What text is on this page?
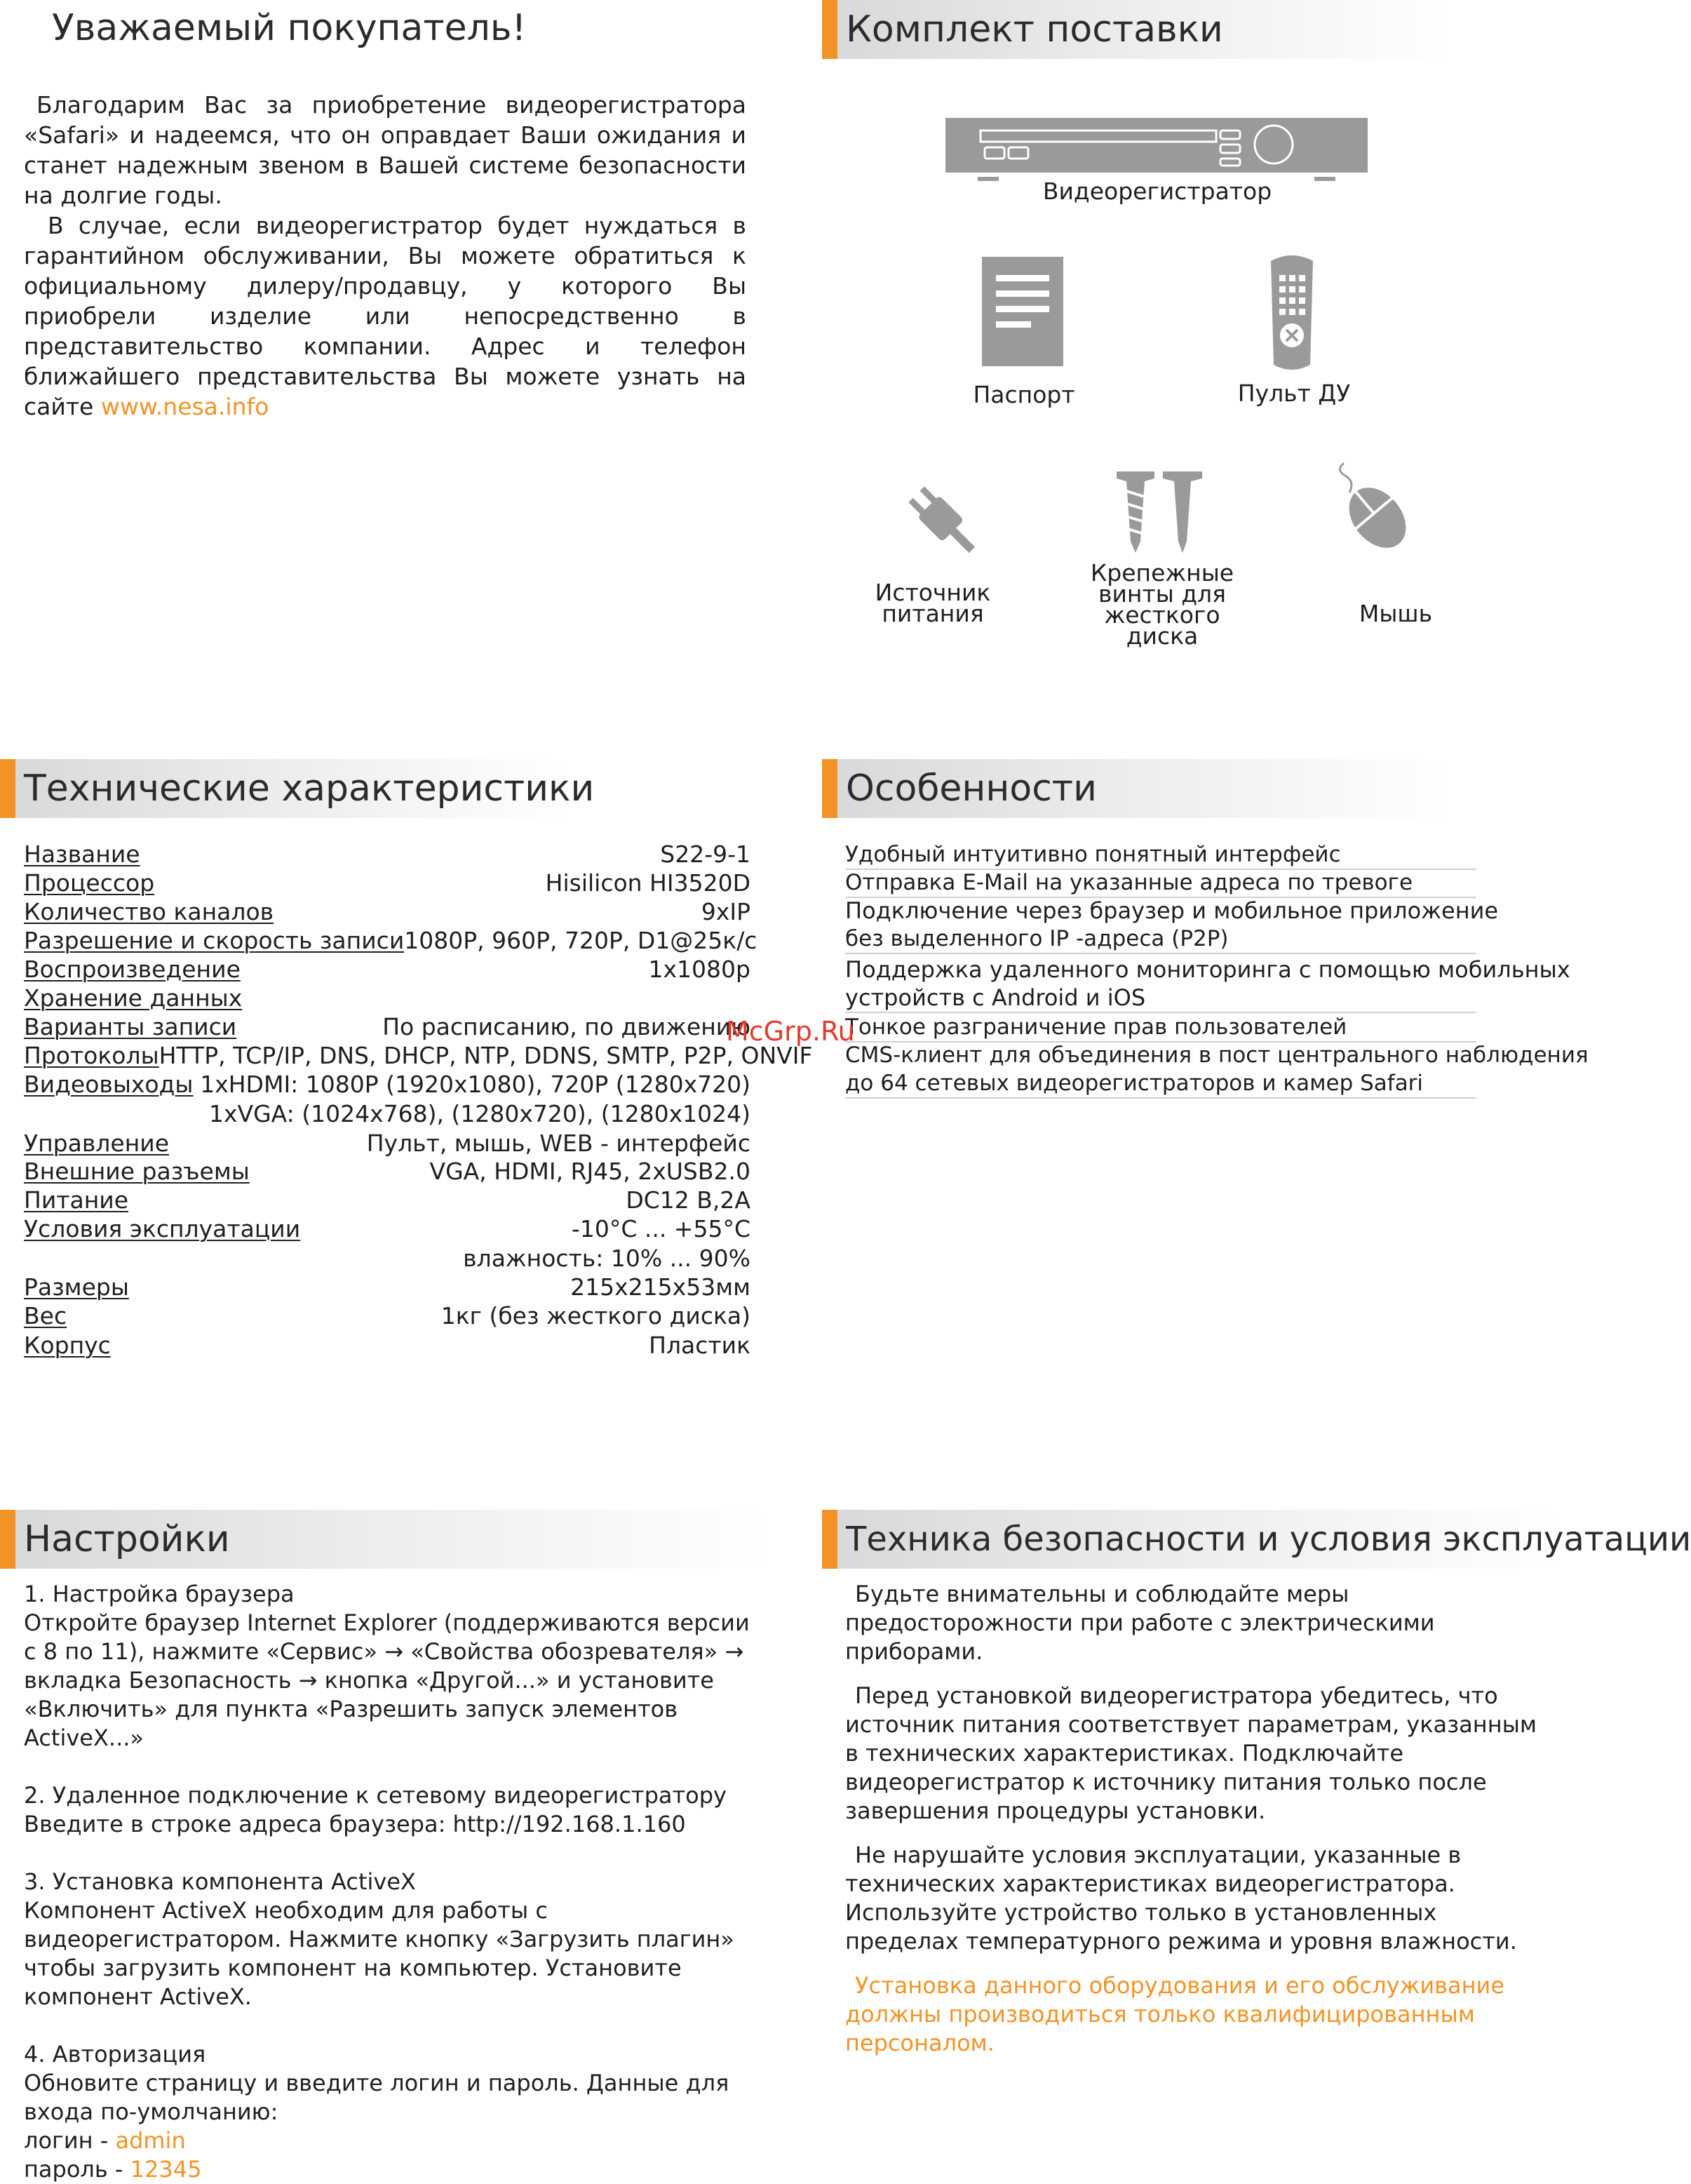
Уважаемый покупатель!
Благодарим Вас за приобретение видеорегистратора «Safari» и надеемся, что он оправдает Ваши ожидания и станет надежным звеном в Вашей системе безопасности на долгие годы.
В случае, если видеорегистратор будет нуждаться в гарантийном обслуживании, Вы можете обратиться к официальному дилеру/продавцу, у которого Вы приобрели изделие или непосредственно в представительство компании. Адрес и телефон ближайшего представительства Вы можете узнать на сайте www.nesa.info
Комплект поставки
Видеорегистратор
Паспорт	Пульт ДУ
Источник питания
Крепежные винты для жесткого диска
Мышь
Технические характеристики
Название	S22-9-1
Процессор	Hisilicon HI3520D
Количество каналов	9xIP
Разрешение и скорость записи 1080P, 960P, 720P, D1@25к/с
Воспроизведение	1x1080p
Хранение данных
Варианты записи	По расписанию, по движению
Протоколы HTTP, TCP/IP, DNS, DHCP, NTP, DDNS, SMTP, P2P, ONVIF
Видеовыходы 1xHDMI: 1080P (1920x1080), 720P (1280x720)
1xVGA: (1024x768), (1280x720), (1280x1024)
Управление	Пульт, мышь, WEB - интерфейс
Внешние разъемы	VGA, HDMI, RJ45, 2xUSB2.0
Питание	DC12 В,2А
Условия эксплуатации	-10°C ... +55°C
влажность: 10% ... 90%
Размеры	215x215x53мм
Вес	1кг (без жесткого диска)
Корпус	Пластик
Особенности
Удобный интуитивно понятный интерфейс
Отправка E-Mail на указанные адреса по тревоге
Подключение через браузер и мобильное приложение
без выделенного IP -адреса (P2P)
Поддержка удаленного мониторинга с помощью мобильных
устройств с Android и iOS
Тонкое разграничение прав пользователей
CMS-клиент для объединения в пост центрального наблюдения
до 64 сетевых видеорегистраторов и камер Safari
McGrp.Ru
Настройки

1. Настройка браузера

Откройте браузер Internet Explorer (поддерживаются версии с 8 по 11), нажмите «Сервис» → «Свойства обозревателя» → вкладка Безопасность → кнопка «Другой...» и установите «Включить» для пункта «Разрешить запуск элементов ActiveX...»

2. Удаленное подключение к сетевому видеорегистратору

Введите в строке адреса браузера: http://192.168.1.160

3. Установка компонента ActiveX

Компонент ActiveX необходим для работы с видеорегистратором. Нажмите кнопку «Загрузить плагин» чтобы загрузить компонент на компьютер. Установите компонент ActiveX.

4. Авторизация

Обновите страницу и введите логин и пароль. Данные для входа по-умолчанию:

логин - admin

пароль - 12345

Техника безопасности и условия эксплуатации

Будьте внимательны и соблюдайте меры предосторожности при работе с электрическими приборами.

Перед установкой видеорегистратора убедитесь, что источник питания соответствует параметрам, указанным в технических характеристиках. Подключайте видеорегистратор к источнику питания только после завершения процедуры установки.

Не нарушайте условия эксплуатации, указанные в технических характеристиках видеорегистратора. Используйте устройство только в установленных пределах температурного режима и уровня влажности.

Установка данного оборудования и его обслуживание должны производиться только квалифицированным персоналом.
